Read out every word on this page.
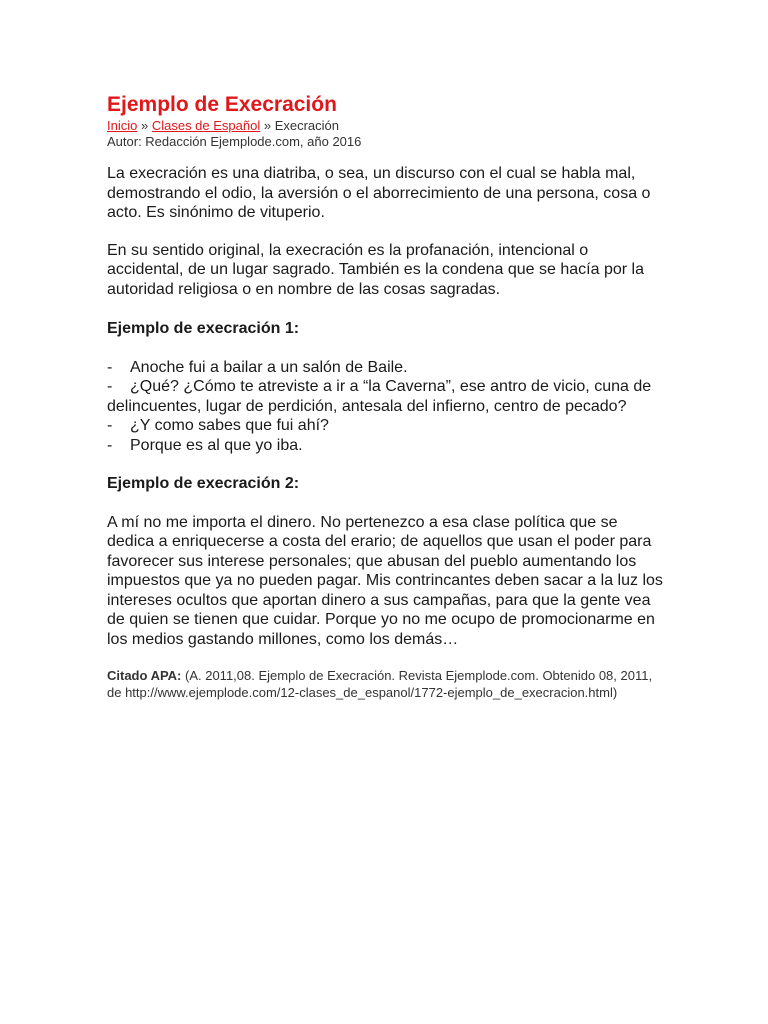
Ejemplo de Execración
Inicio » Clases de Español » Execración
Autor: Redacción Ejemplode.com, año 2016

La execración es una diatriba, o sea, un discurso con el cual se habla mal, demostrando el odio, la aversión o el aborrecimiento de una persona, cosa o acto. Es sinónimo de vituperio.

En su sentido original, la execración es la profanación, intencional o accidental, de un lugar sagrado. También es la condena que se hacía por la autoridad religiosa o en nombre de las cosas sagradas.

Ejemplo de execración 1:

- Anoche fui a bailar a un salón de Baile.
- ¿Qué? ¿Cómo te atreviste a ir a “la Caverna”, ese antro de vicio, cuna de delincuentes, lugar de perdición, antesala del infierno, centro de pecado?
- ¿Y como sabes que fui ahí?
- Porque es al que yo iba.

Ejemplo de execración 2:

A mí no me importa el dinero. No pertenezco a esa clase política que se dedica a enriquecerse a costa del erario; de aquellos que usan el poder para favorecer sus interese personales; que abusan del pueblo aumentando los impuestos que ya no pueden pagar. Mis contrincantes deben sacar a la luz los intereses ocultos que aportan dinero a sus campañas, para que la gente vea de quien se tienen que cuidar. Porque yo no me ocupo de promocionarme en los medios gastando millones, como los demás…

Citado APA: (A. 2011,08. Ejemplo de Execración. Revista Ejemplode.com. Obtenido 08, 2011, de http://www.ejemplode.com/12-clases_de_espanol/1772-ejemplo_de_execracion.html)
